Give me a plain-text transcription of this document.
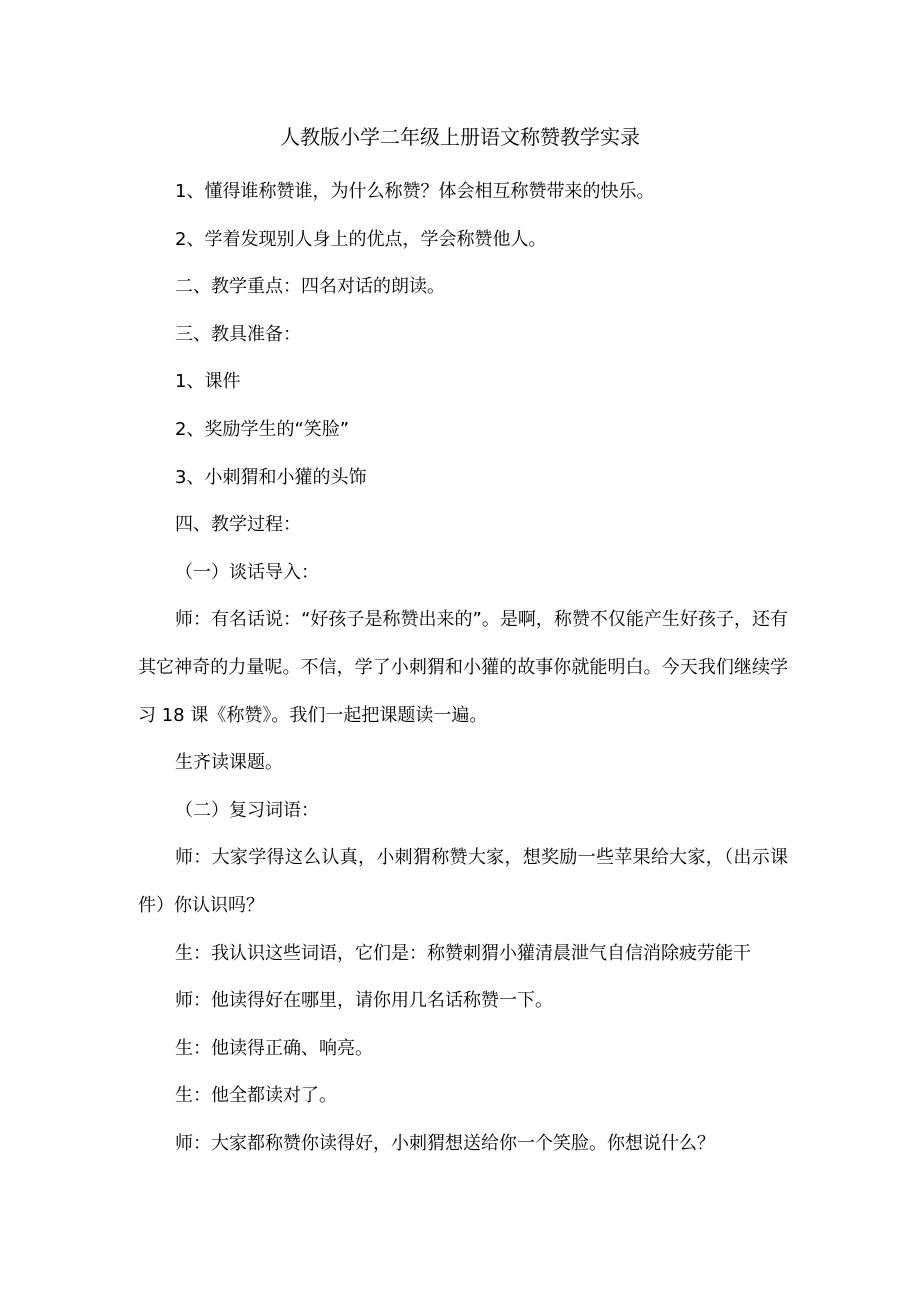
人教版小学二年级上册语文称赞教学实录

1、懂得谁称赞谁，为什么称赞？体会相互称赞带来的快乐。

2、学着发现别人身上的优点，学会称赞他人。

二、教学重点：四名对话的朗读。

三、教具准备：

1、课件

2、奖励学生的“笑脸”

3、小刺猬和小獾的头饰

四、教学过程：

（一）谈话导入：

师：有名话说：“好孩子是称赞出来的”。是啊，称赞不仅能产生好孩子，还有其它神奇的力量呢。不信，学了小刺猬和小獾的故事你就能明白。今天我们继续学习 18 课《称赞》。我们一起把课题读一遍。

生齐读课题。

（二）复习词语：

师：大家学得这么认真，小刺猬称赞大家，想奖励一些苹果给大家，（出示课件）你认识吗？

生：我认识这些词语，它们是：称赞刺猬小獾清晨泄气自信消除疲劳能干

师：他读得好在哪里，请你用几名话称赞一下。

生：他读得正确、响亮。

生：他全都读对了。

师：大家都称赞你读得好，小刺猬想送给你一个笑脸。你想说什么？
